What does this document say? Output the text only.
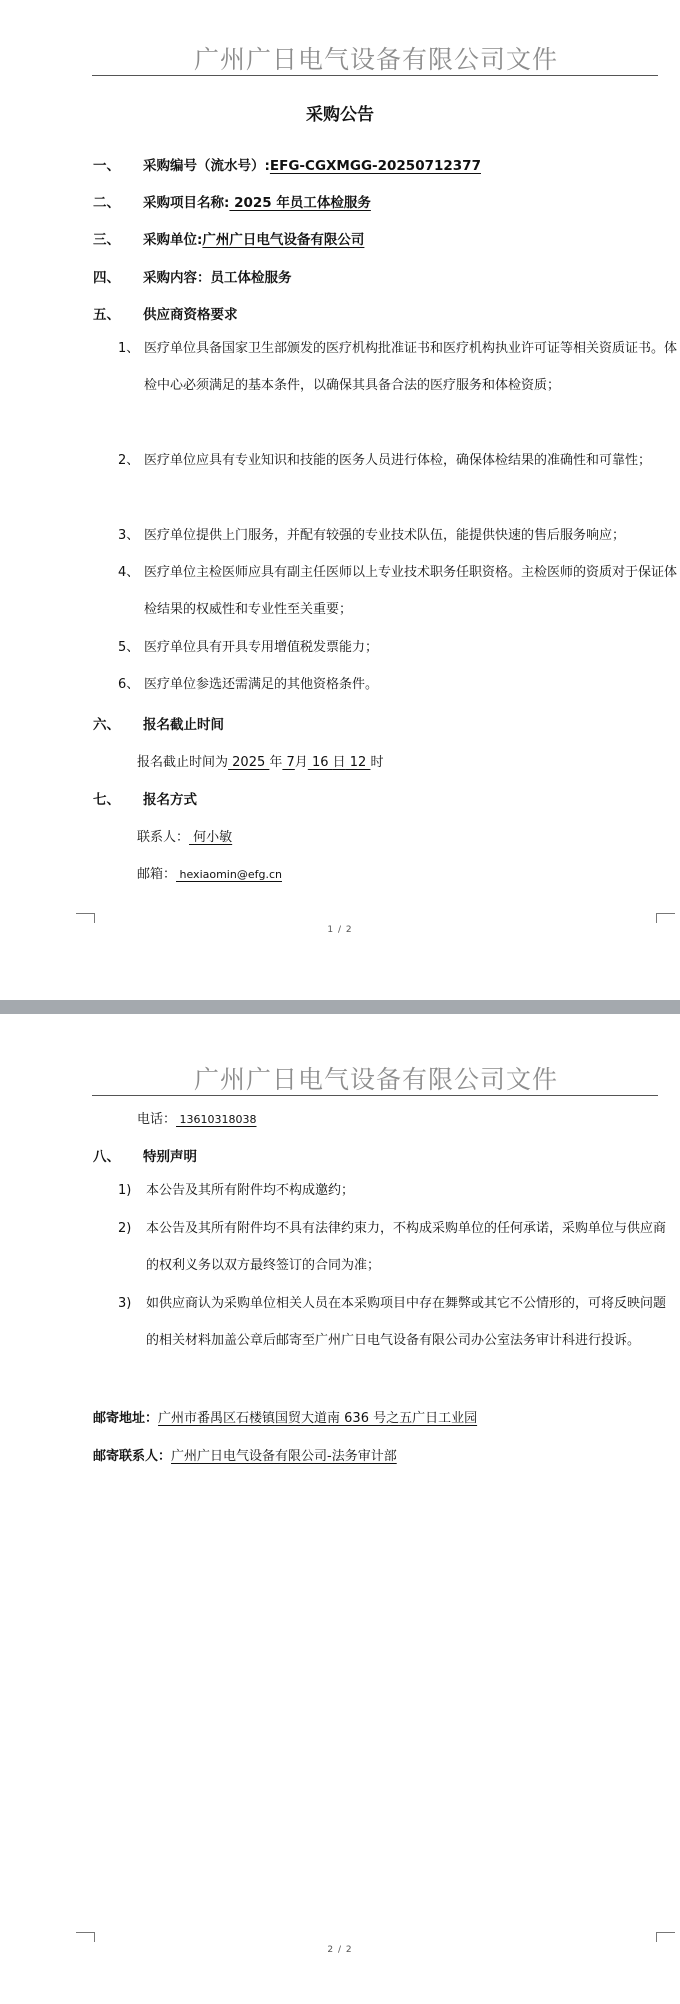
广州广日电气设备有限公司文件
采购公告
一、 采购编号（流水号）:EFG-CGXMGG-20250712377
二、 采购项目名称: 2025 年员工体检服务
三、 采购单位:广州广日电气设备有限公司
四、 采购内容：员工体检服务
五、 供应商资格要求
1、 医疗单位具备国家卫生部颁发的医疗机构批准证书和医疗机构执业许可证等相关资质证书。体检中心必须满足的基本条件，以确保其具备合法的医疗服务和体检资质；
2、 医疗单位应具有专业知识和技能的医务人员进行体检，确保体检结果的准确性和可靠性；
3、 医疗单位提供上门服务，并配有较强的专业技术队伍，能提供快速的售后服务响应；
4、 医疗单位主检医师应具有副主任医师以上专业技术职务任职资格。主检医师的资质对于保证体检结果的权威性和专业性至关重要；
5、 医疗单位具有开具专用增值税发票能力；
6、 医疗单位参选还需满足的其他资格条件。
六、 报名截止时间
报名截止时间为 2025 年 7月 16 日 12 时
七、 报名方式
联系人： 何小敏
邮箱： hexiaomin@efg.cn
1 / 2
广州广日电气设备有限公司文件
电话： 13610318038
八、 特别声明
1) 本公告及其所有附件均不构成邀约；
2) 本公告及其所有附件均不具有法律约束力，不构成采购单位的任何承诺，采购单位与供应商的权利义务以双方最终签订的合同为准；
3) 如供应商认为采购单位相关人员在本采购项目中存在舞弊或其它不公情形的，可将反映问题的相关材料加盖公章后邮寄至广州广日电气设备有限公司办公室法务审计科进行投诉。
邮寄地址：广州市番禺区石楼镇国贸大道南 636 号之五广日工业园
邮寄联系人：广州广日电气设备有限公司-法务审计部
2 / 2
